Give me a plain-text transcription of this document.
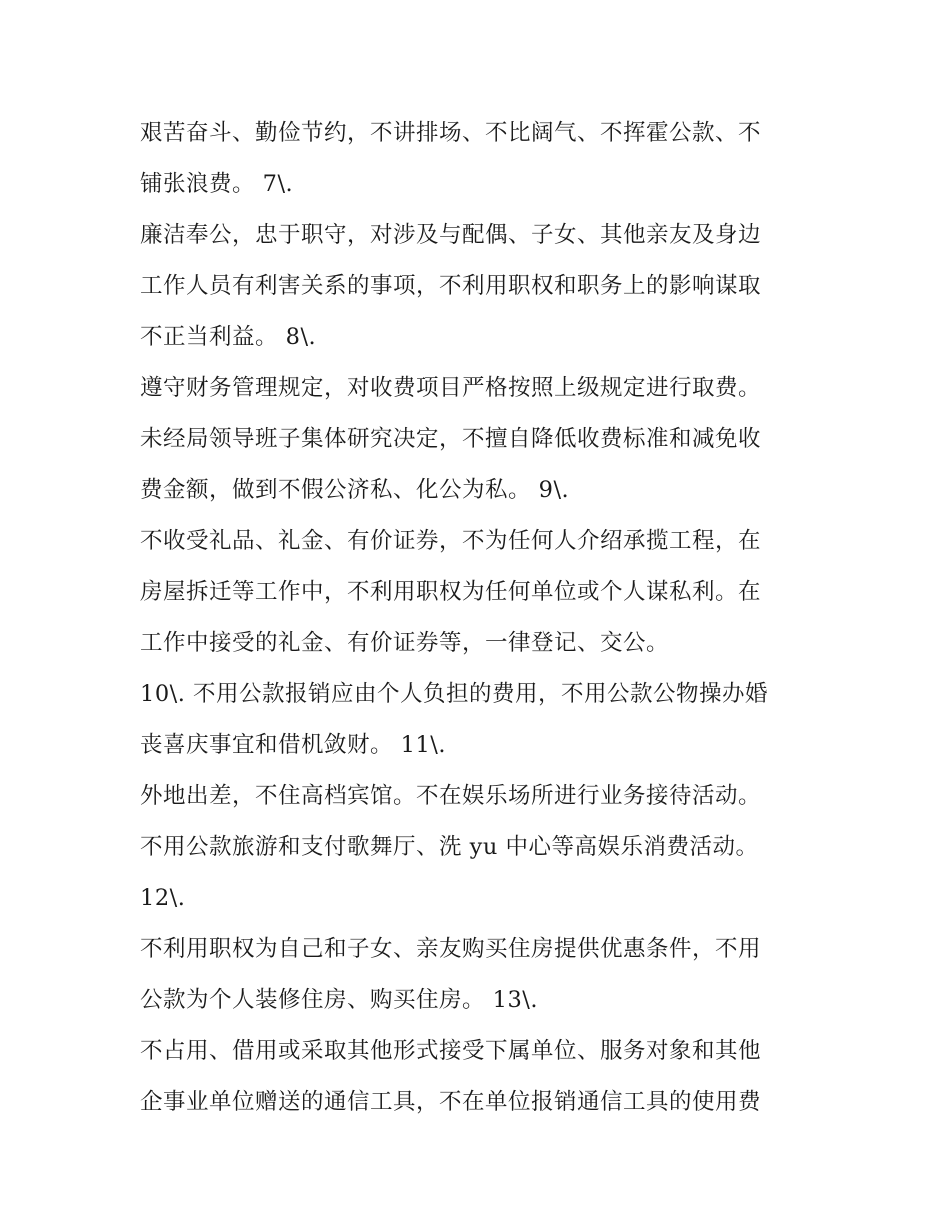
艰苦奋斗、勤俭节约，不讲排场、不比阔气、不挥霍公款、不
铺张浪费。 7\.
廉洁奉公，忠于职守，对涉及与配偶、子女、其他亲友及身边
工作人员有利害关系的事项，不利用职权和职务上的影响谋取
不正当利益。 8\.
遵守财务管理规定，对收费项目严格按照上级规定进行取费。
未经局领导班子集体研究决定，不擅自降低收费标准和减免收
费金额，做到不假公济私、化公为私。 9\.
不收受礼品、礼金、有价证券，不为任何人介绍承揽工程，在
房屋拆迁等工作中，不利用职权为任何单位或个人谋私利。在
工作中接受的礼金、有价证券等，一律登记、交公。
10\. 不用公款报销应由个人负担的费用，不用公款公物操办婚
丧喜庆事宜和借机敛财。 11\.
外地出差，不住高档宾馆。不在娱乐场所进行业务接待活动。
不用公款旅游和支付歌舞厅、洗 yu 中心等高娱乐消费活动。
12\.
不利用职权为自己和子女、亲友购买住房提供优惠条件，不用
公款为个人装修住房、购买住房。 13\.
不占用、借用或采取其他形式接受下属单位、服务对象和其他
企事业单位赠送的通信工具，不在单位报销通信工具的使用费
